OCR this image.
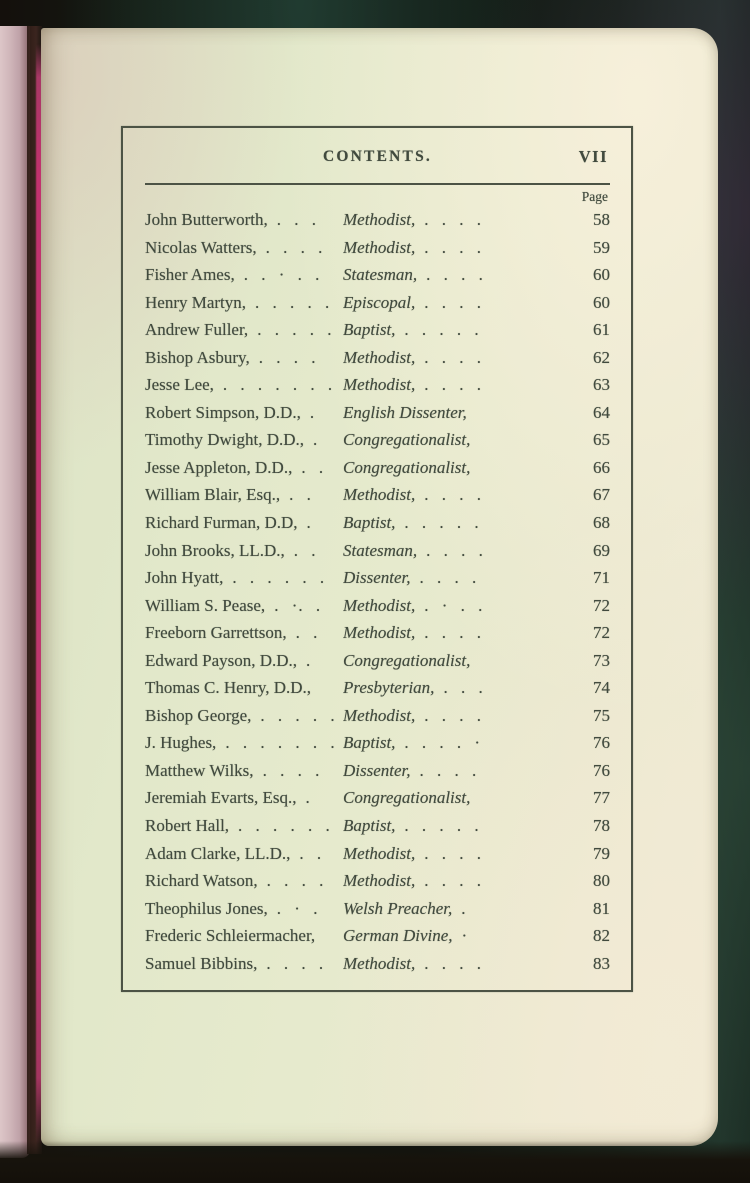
CONTENTS.	VII
Page
John Butterworth, . . .	Methodist, . . . .	58
Nicolas Watters, . . . .	Methodist, . . . .	59
Fisher Ames, . . · . .	Statesman, . . . .	60
Henry Martyn, . . . . . Episcopal, . . . .	60
Andrew Fuller, . . . . . Baptist, . . . . .	61
Bishop Asbury, . . . .	Methodist, . . . .	62
Jesse Lee, . . . . . . . Methodist, . . . .	63
Robert Simpson, D.D., .	English Dissenter,	64
Timothy Dwight, D.D., .	Congregationalist,	65
Jesse Appleton, D.D., . .	Congregationalist,	66
William Blair, Esq., . .	Methodist, . . . .	67
Richard Furman, D.D, .	Baptist, . . . . .	68
John Brooks, LL.D., . .	Statesman, . . . .	69
John Hyatt, . . . . . .	Dissenter, . . . .	71
William S. Pease, . ·. .	Methodist, . · . .	72
Freeborn Garrettson, . .	Methodist, . . . .	72
Edward Payson, D.D., .	Congregationalist,	73
Thomas C. Henry, D.D.,	Presbyterian, . . .	74
Bishop George, . . . . . Methodist, . . . .	75
J. Hughes, . . . . . . . Baptist, . . . . ·	76
Matthew Wilks, . . . .	Dissenter, . . . .	76
Jeremiah Evarts, Esq., .	Congregationalist,	77
Robert Hall, . . . . . . Baptist, . . . . .	78
Adam Clarke, LL.D., . .	Methodist, . . . .	79
Richard Watson, . . . .	Methodist, . . . .	80
Theophilus Jones, . · .	Welsh Preacher, .	81
Frederic Schleiermacher,	German Divine, ·	82
Samuel Bibbins, . . . .	Methodist, . . . .	83
